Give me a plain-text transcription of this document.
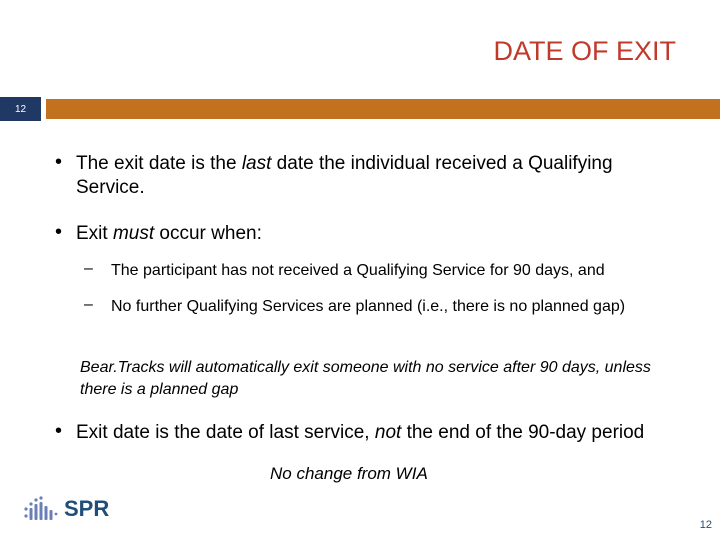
DATE OF EXIT
12
• The exit date is the last date the individual received a Qualifying Service.
• Exit must occur when:
– The participant has not received a Qualifying Service for 90 days, and
– No further Qualifying Services are planned (i.e., there is no planned gap)
Bear.Tracks will automatically exit someone with no service after 90 days, unless there is a planned gap
• Exit date is the date of last service, not the end of the 90-day period
No change from WIA
SPR
12
